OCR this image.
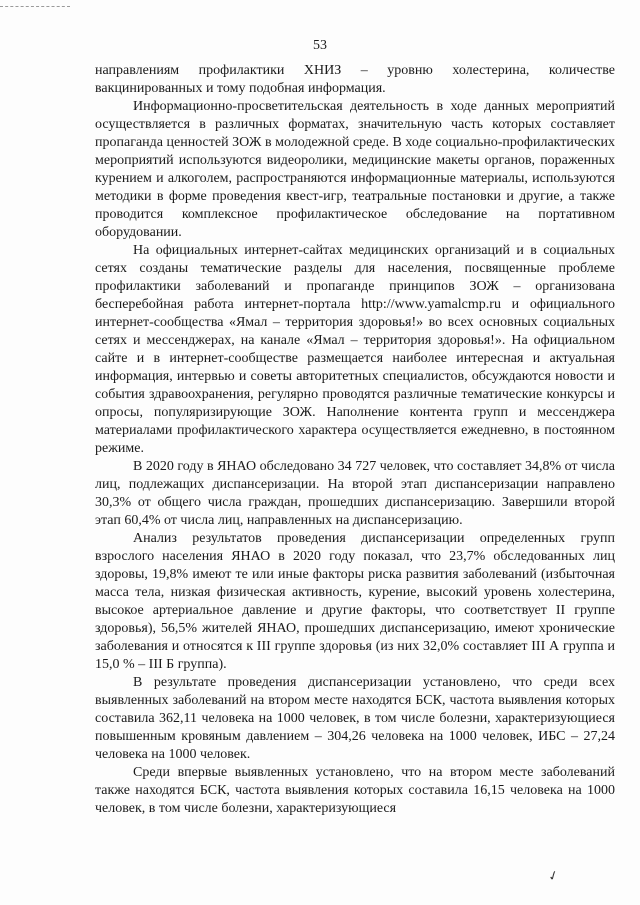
53

направлениям профилактики ХНИЗ – уровню холестерина, количестве вакцинированных и тому подобная информация.

Информационно-просветительская деятельность в ходе данных мероприятий осуществляется в различных форматах, значительную часть которых составляет пропаганда ценностей ЗОЖ в молодежной среде. В ходе социально-профилактических мероприятий используются видеоролики, медицинские макеты органов, пораженных курением и алкоголем, распространяются информационные материалы, используются методики в форме проведения квест-игр, театральные постановки и другие, а также проводится комплексное профилактическое обследование на портативном оборудовании.

На официальных интернет-сайтах медицинских организаций и в социальных сетях созданы тематические разделы для населения, посвященные проблеме профилактики заболеваний и пропаганде принципов ЗОЖ – организована бесперебойная работа интернет-портала http://www.yamalcmp.ru и официального интернет-сообщества «Ямал – территория здоровья!» во всех основных социальных сетях и мессенджерах, на канале «Ямал – территория здоровья!». На официальном сайте и в интернет-сообществе размещается наиболее интересная и актуальная информация, интервью и советы авторитетных специалистов, обсуждаются новости и события здравоохранения, регулярно проводятся различные тематические конкурсы и опросы, популяризирующие ЗОЖ. Наполнение контента групп и мессенджера материалами профилактического характера осуществляется ежедневно, в постоянном режиме.

В 2020 году в ЯНАО обследовано 34 727 человек, что составляет 34,8% от числа лиц, подлежащих диспансеризации. На второй этап диспансеризации направлено 30,3% от общего числа граждан, прошедших диспансеризацию. Завершили второй этап 60,4% от числа лиц, направленных на диспансеризацию.

Анализ результатов проведения диспансеризации определенных групп взрослого населения ЯНАО в 2020 году показал, что 23,7% обследованных лиц здоровы, 19,8% имеют те или иные факторы риска развития заболеваний (избыточная масса тела, низкая физическая активность, курение, высокий уровень холестерина, высокое артериальное давление и другие факторы, что соответствует II группе здоровья), 56,5% жителей ЯНАО, прошедших диспансеризацию, имеют хронические заболевания и относятся к III группе здоровья (из них 32,0% составляет III А группа и 15,0 % – III Б группа).

В результате проведения диспансеризации установлено, что среди всех выявленных заболеваний на втором месте находятся БСК, частота выявления которых составила 362,11 человека на 1000 человек, в том числе болезни, характеризующиеся повышенным кровяным давлением – 304,26 человека на 1000 человек, ИБС – 27,24 человека на 1000 человек.

Среди впервые выявленных установлено, что на втором месте заболеваний также находятся БСК, частота выявления которых составила 16,15 человека на 1000 человек, в том числе болезни, характеризующиеся

✓
